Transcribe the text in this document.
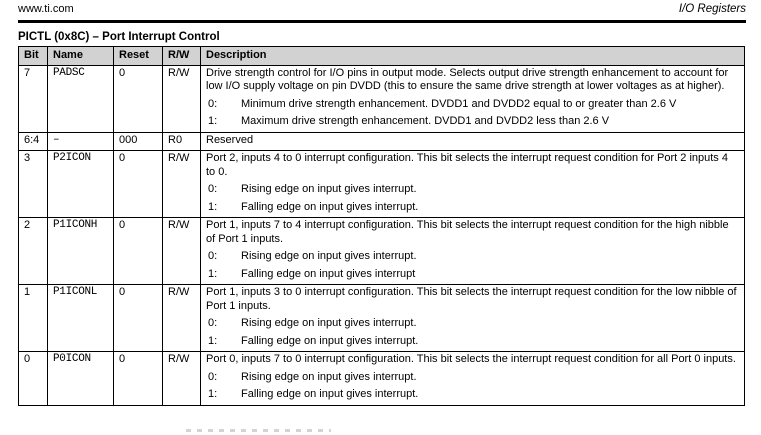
www.ti.com	I/O Registers
PICTL (0x8C) – Port Interrupt Control
Bit	Name	Reset	R/W	Description
7	PADSC	0	R/W	Drive strength control for I/O pins in output mode. Selects output drive strength enhancement to account for low I/O supply voltage on pin DVDD (this to ensure the same drive strength at lower voltages as at higher).
0: Minimum drive strength enhancement. DVDD1 and DVDD2 equal to or greater than 2.6 V
1: Maximum drive strength enhancement. DVDD1 and DVDD2 less than 2.6 V

6:4	–	000	R0	Reserved

3	P2ICON	0	R/W	Port 2, inputs 4 to 0 interrupt configuration. This bit selects the interrupt request condition for Port 2 inputs 4 to 0.
0: Rising edge on input gives interrupt.
1: Falling edge on input gives interrupt.

2	P1ICONH	0	R/W	Port 1, inputs 7 to 4 interrupt configuration. This bit selects the interrupt request condition for the high nibble of Port 1 inputs.
0: Rising edge on input gives interrupt.
1: Falling edge on input gives interrupt

1	P1ICONL	0	R/W	Port 1, inputs 3 to 0 interrupt configuration. This bit selects the interrupt request condition for the low nibble of Port 1 inputs.
0: Rising edge on input gives interrupt.
1: Falling edge on input gives interrupt.

0	P0ICON	0	R/W	Port 0, inputs 7 to 0 interrupt configuration. This bit selects the interrupt request condition for all Port 0 inputs.
0: Rising edge on input gives interrupt.
1: Falling edge on input gives interrupt.
